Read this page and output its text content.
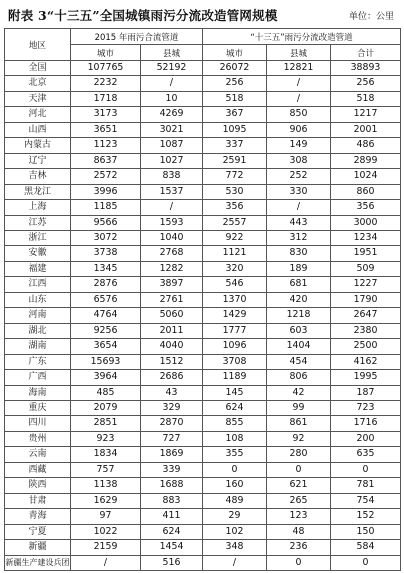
附表 3“十三五”全国城镇雨污分流改造管网规模	单位：公里
地区	2015 年雨污合流管道		“十三五”雨污分流改造管道		
	城市	县城	城市	县城	合计
全国	107765	52192	26072	12821	38893
北京	2232	/	256	/	256
天津	1718	10	518	/	518
河北	3173	4269	367	850	1217
山西	3651	3021	1095	906	2001
内蒙古	1123	1087	337	149	486
辽宁	8637	1027	2591	308	2899
吉林	2572	838	772	252	1024
黑龙江	3996	1537	530	330	860
上海	1185	/	356	/	356
江苏	9566	1593	2557	443	3000
浙江	3072	1040	922	312	1234
安徽	3738	2768	1121	830	1951
福建	1345	1282	320	189	509
江西	2876	3897	546	681	1227
山东	6576	2761	1370	420	1790
河南	4764	5060	1429	1218	2647
湖北	9256	2011	1777	603	2380
湖南	3654	4040	1096	1404	2500
广东	15693	1512	3708	454	4162
广西	3964	2686	1189	806	1995
海南	485	43	145	42	187
重庆	2079	329	624	99	723
四川	2851	2870	855	861	1716
贵州	923	727	108	92	200
云南	1834	1869	355	280	635
西藏	757	339	0	0	0
陕西	1138	1688	160	621	781
甘肃	1629	883	489	265	754
青海	97	411	29	123	152
宁夏	1022	624	102	48	150
新疆	2159	1454	348	236	584
新疆生产建设兵团	/	516	/	0	0
